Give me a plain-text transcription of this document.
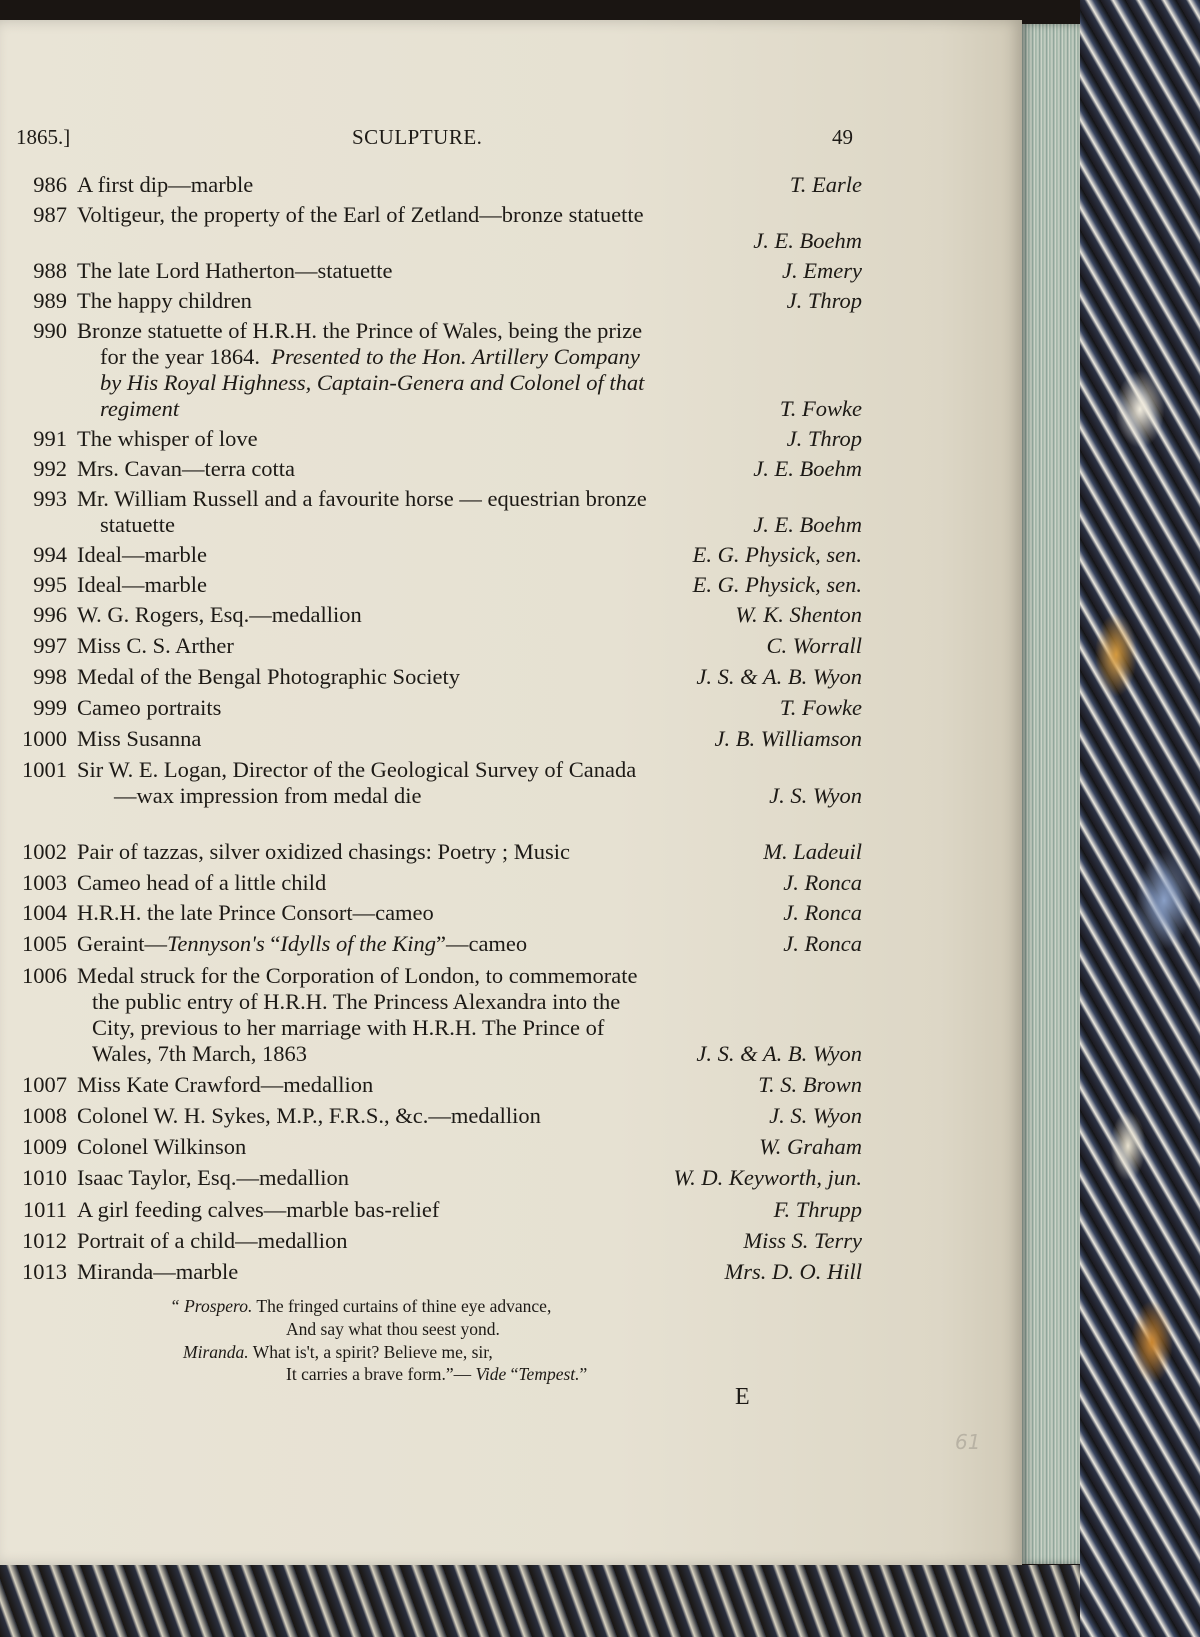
1865.]	SCULPTURE.	49
986 A first dip—marble	T. Earle
987 Voltigeur, the property of the Earl of Zetland—bronze statuette
J. E. Boehm
988 The late Lord Hatherton—statuette	J. Emery
989 The happy children	J. Throp
990 Bronze statuette of H.R.H. the Prince of Wales, being the prize
for the year 1864. Presented to the Hon. Artillery Company
by His Royal Highness, Captain-Genera and Colonel of that
regiment	T. Fowke
991 The whisper of love	J. Throp
992 Mrs. Cavan—terra cotta	J. E. Boehm
993 Mr. William Russell and a favourite horse — equestrian bronze
statuette	J. E. Boehm
994 Ideal—marble	E. G. Physick, sen.
995 Ideal—marble	E. G. Physick, sen.
996 W. G. Rogers, Esq.—medallion	W. K. Shenton
997 Miss C. S. Arther	C. Worrall
998 Medal of the Bengal Photographic Society	J. S. & A. B. Wyon
999 Cameo portraits	T. Fowke
1000 Miss Susanna	J. B. Williamson
1001 Sir W. E. Logan, Director of the Geological Survey of Canada
—wax impression from medal die	J. S. Wyon
1002 Pair of tazzas, silver oxidized chasings: Poetry ; Music	M. Ladeuil
1003 Cameo head of a little child	J. Ronca
1004 H.R.H. the late Prince Consort—cameo	J. Ronca
1005 Geraint—Tennyson's “Idylls of the King”—cameo	J. Ronca
1006 Medal struck for the Corporation of London, to commemorate
the public entry of H.R.H. The Princess Alexandra into the
City, previous to her marriage with H.R.H. The Prince of
Wales, 7th March, 1863	J. S. & A. B. Wyon
1007 Miss Kate Crawford—medallion	T. S. Brown
1008 Colonel W. H. Sykes, M.P., F.R.S., &c.—medallion	J. S. Wyon
1009 Colonel Wilkinson	W. Graham
1010 Isaac Taylor, Esq.—medallion	W. D. Keyworth, jun.
1011 A girl feeding calves—marble bas-relief	F. Thrupp
1012 Portrait of a child—medallion	Miss S. Terry
1013 Miranda—marble	Mrs. D. O. Hill
“ Prospero. The fringed curtains of thine eye advance,
And say what thou seest yond.
Miranda. What is't, a spirit? Believe me, sir,
It carries a brave form.”— Vide “Tempest.”
E
61
